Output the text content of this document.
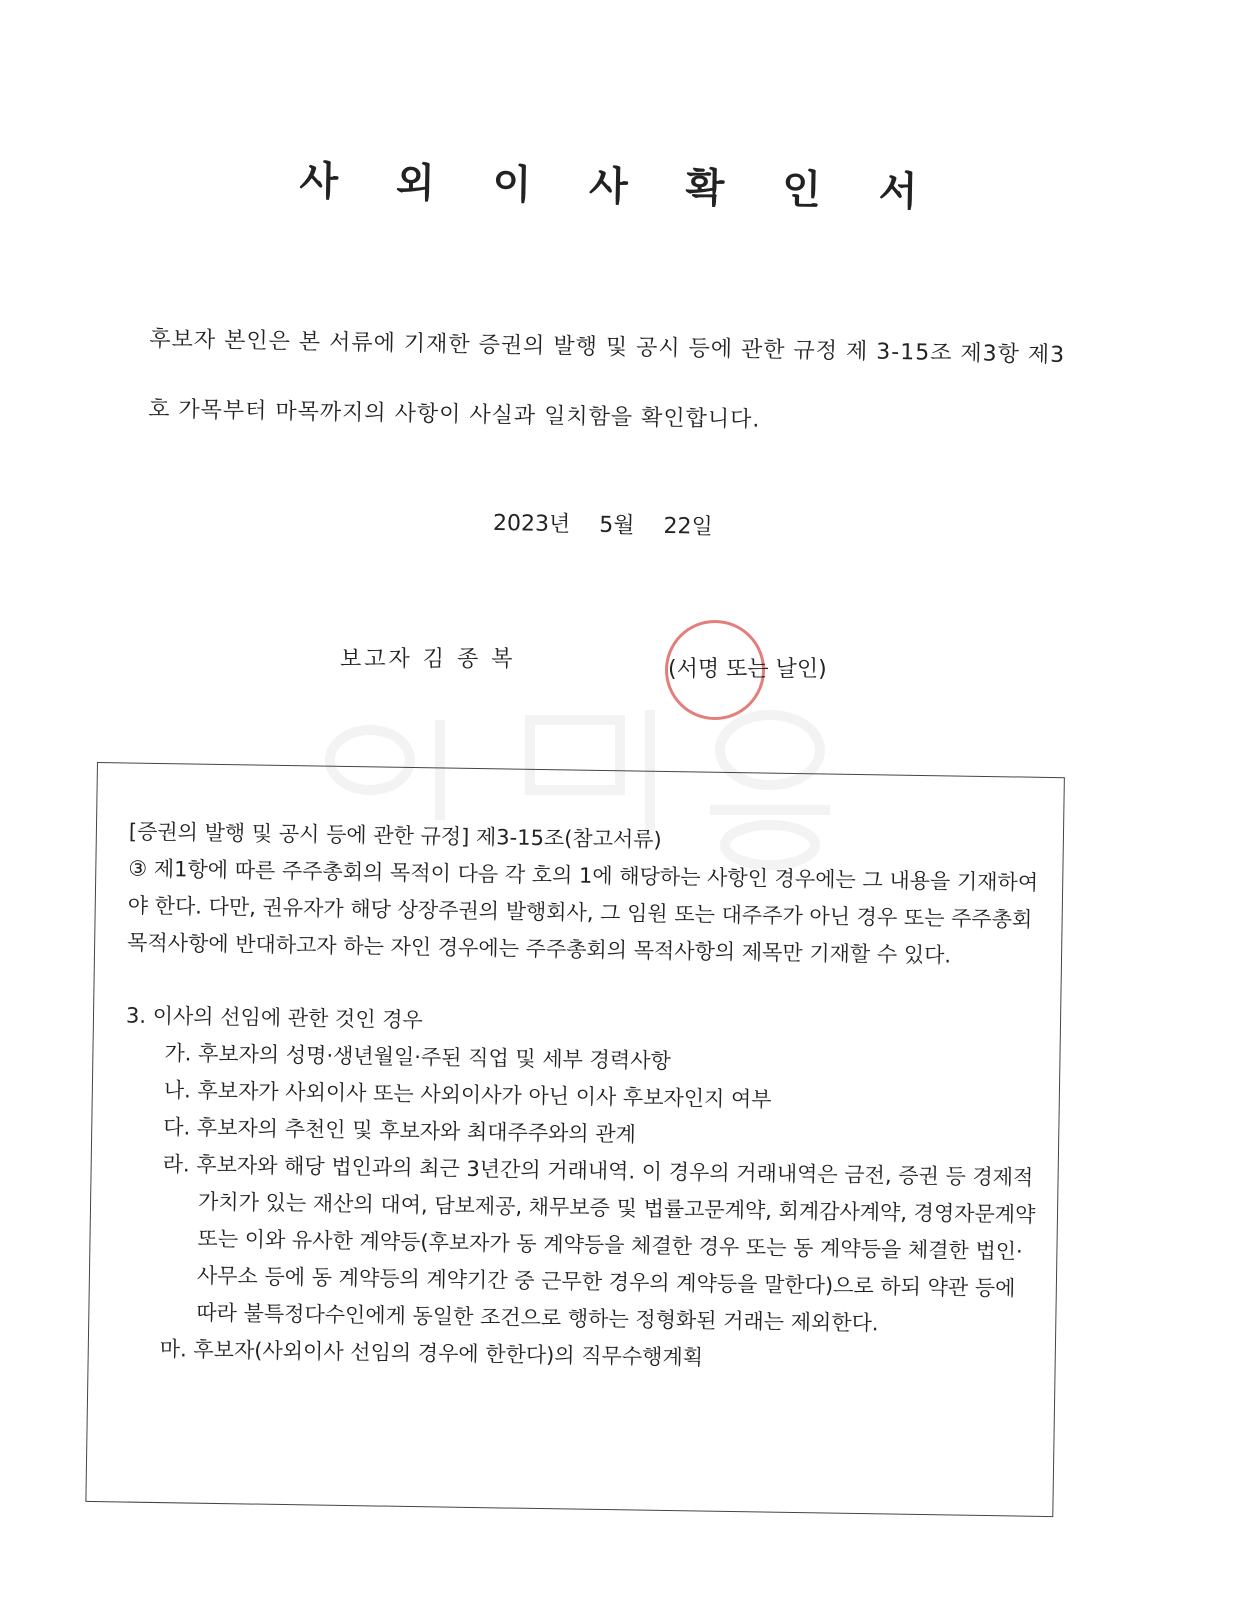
사 외 이 사 확 인 서

후보자 본인은 본 서류에 기재한 증권의 발행 및 공시 등에 관한 규정 제 3-15조 제3항 제3호 가목부터 마목까지의 사항이 사실과 일치함을 확인합니다.

2023년 5월 22일
보고자 김 종 복	(서명 또는 날인)

[증권의 발행 및 공시 등에 관한 규정] 제3-15조(참고서류)

③ 제1항에 따른 주주총회의 목적이 다음 각 호의 1에 해당하는 사항인 경우에는 그 내용을 기재하여야 한다. 다만, 권유자가 해당 상장주권의 발행회사, 그 임원 또는 대주주가 아닌 경우 또는 주주총회 목적사항에 반대하고자 하는 자인 경우에는 주주총회의 목적사항의 제목만 기재할 수 있다.

3. 이사의 선임에 관한 것인 경우

가. 후보자의 성명·생년월일·주된 직업 및 세부 경력사항

나. 후보자가 사외이사 또는 사외이사가 아닌 이사 후보자인지 여부

다. 후보자의 추천인 및 후보자와 최대주주와의 관계

라. 후보자와 해당 법인과의 최근 3년간의 거래내역. 이 경우의 거래내역은 금전, 증권 등 경제적 가치가 있는 재산의 대여, 담보제공, 채무보증 및 법률고문계약, 회계감사계약, 경영자문계약 또는 이와 유사한 계약등(후보자가 동 계약등을 체결한 경우 또는 동 계약등을 체결한 법인·사무소 등에 동 계약등의 계약기간 중 근무한 경우의 계약등을 말한다)으로 하되 약관 등에 따라 불특정다수인에게 동일한 조건으로 행하는 정형화된 거래는 제외한다.

마. 후보자(사외이사 선임의 경우에 한한다)의 직무수행계획
